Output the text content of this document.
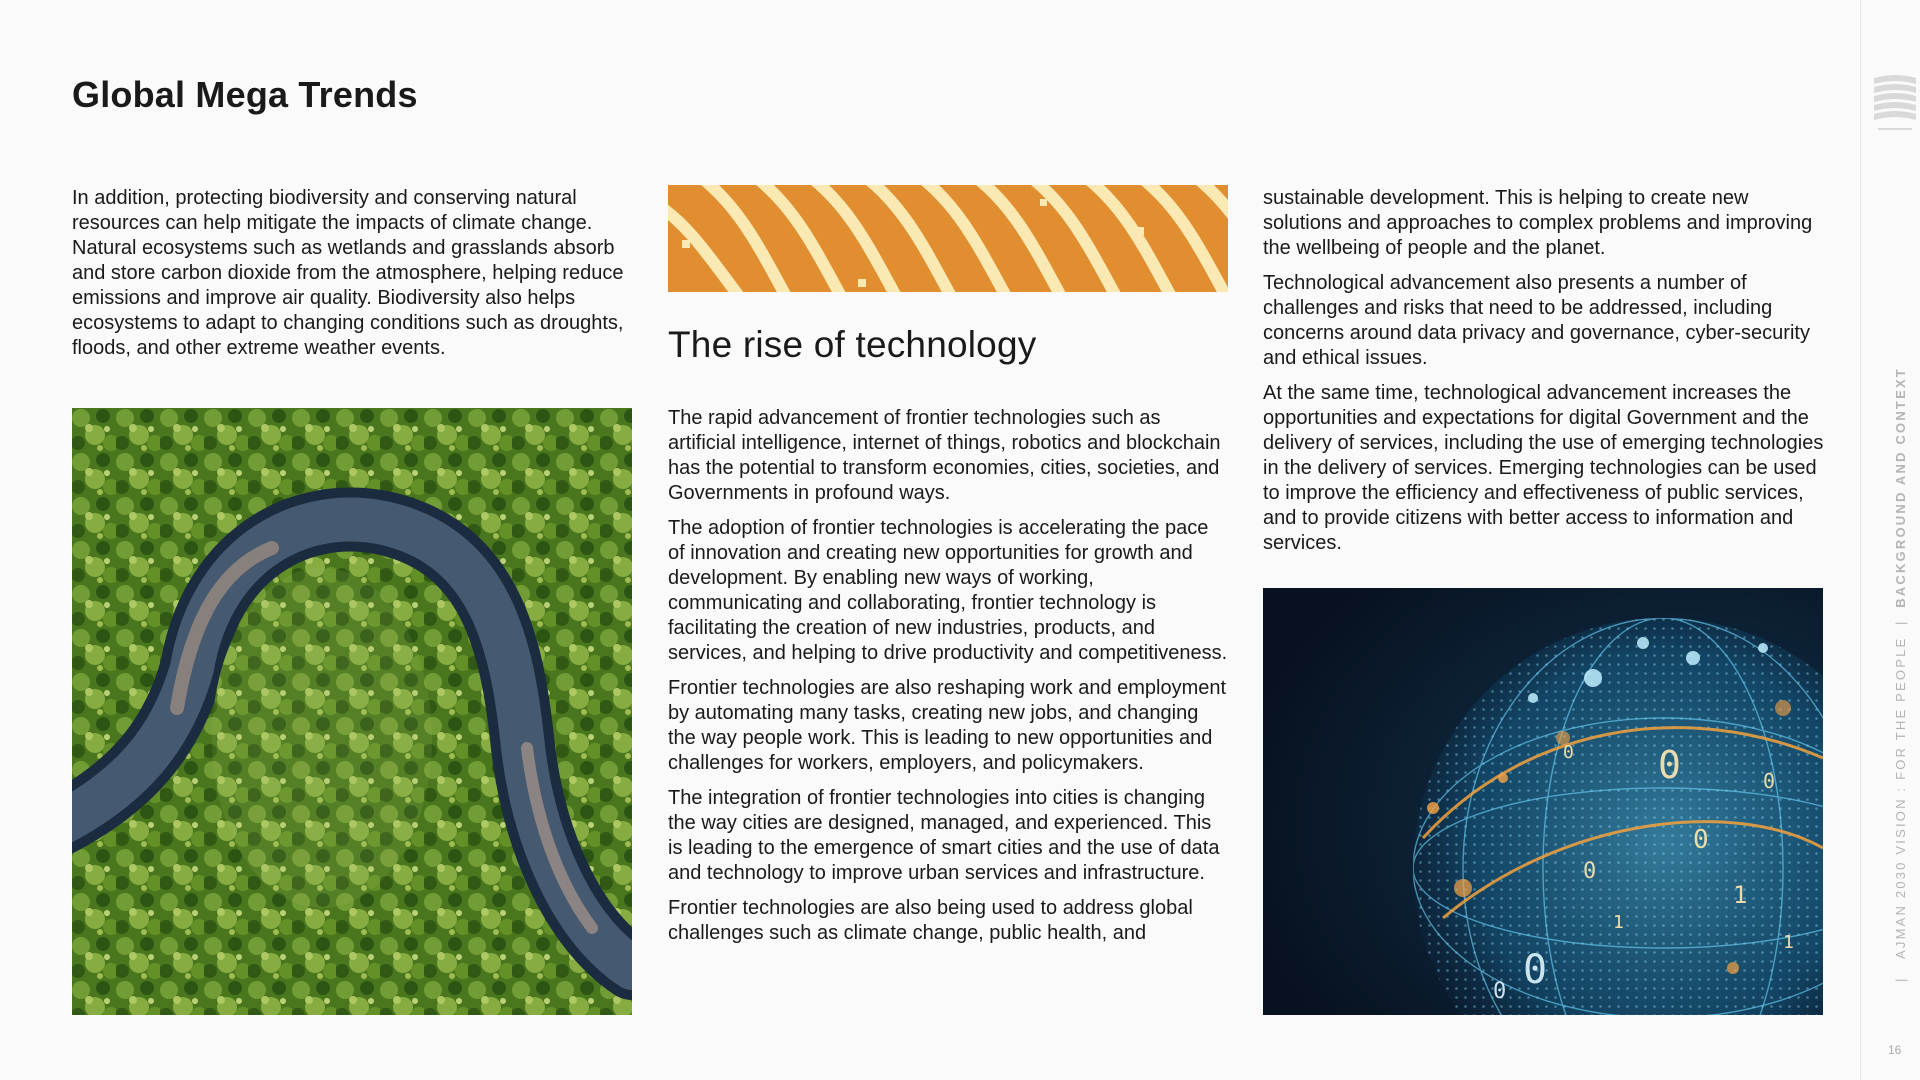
Global Mega Trends

In addition, protecting biodiversity and conserving natural resources can help mitigate the impacts of climate change. Natural ecosystems such as wetlands and grasslands absorb and store carbon dioxide from the atmosphere, helping reduce emissions and improve air quality. Biodiversity also helps ecosystems to adapt to changing conditions such as droughts, floods, and other extreme weather events.	The rise of technology

The rapid advancement of frontier technologies such as artificial intelligence, internet of things, robotics and blockchain has the potential to transform economies, cities, societies, and Governments in profound ways.

The adoption of frontier technologies is accelerating the pace of innovation and creating new opportunities for growth and development. By enabling new ways of working, communicating and collaborating, frontier technology is facilitating the creation of new industries, products, and services, and helping to drive productivity and competitiveness.

Frontier technologies are also reshaping work and employment by automating many tasks, creating new jobs, and changing the way people work. This is leading to new opportunities and challenges for workers, employers, and policymakers.

The integration of frontier technologies into cities is changing the way cities are designed, managed, and experienced. This is leading to the emergence of smart cities and the use of data and technology to improve urban services and infrastructure.

Frontier technologies are also being used to address global challenges such as climate change, public health, and

sustainable development. This is helping to create new solutions and approaches to complex problems and improving the wellbeing of people and the planet.

Technological advancement also presents a number of challenges and risks that need to be addressed, including concerns around data privacy and governance, cyber-security and ethical issues.

At the same time, technological advancement increases the opportunities and expectations for digital Government and the delivery of services, including the use of emerging technologies in the delivery of services. Emerging technologies can be used to improve the efficiency and effectiveness of public services, and to provide citizens with better access to information and services.

0
0
1
0
1
0
0
0
0
1
|   AJMAN 2030 VISION : FOR THE PEOPLE  |  BACKGROUND AND CONTEXT
16
